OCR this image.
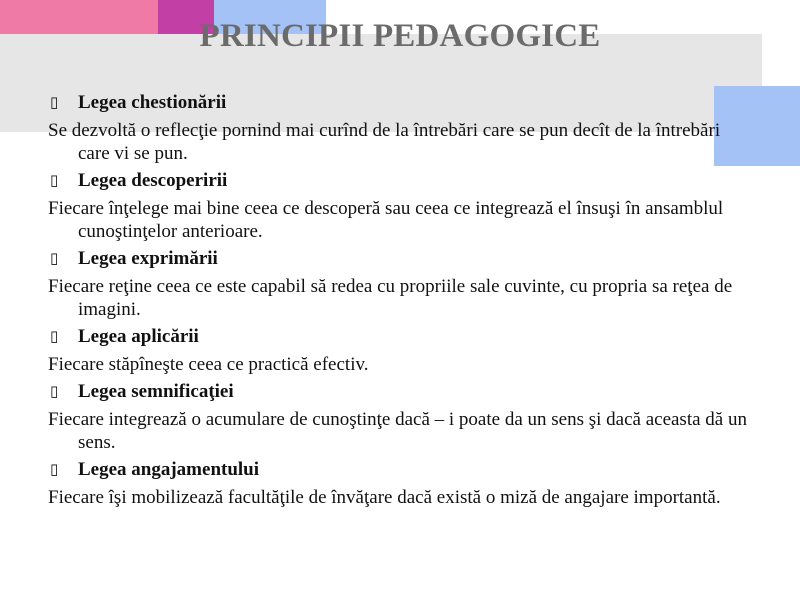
PRINCIPII PEDAGOGICE
▯ Legea chestionării
Se dezvoltă o reflecţie pornind mai curînd de la întrebări care se pun decît de la întrebări care vi se pun.
▯ Legea descoperirii
Fiecare înţelege mai bine ceea ce descoperă sau ceea ce integrează el însuşi în ansamblul cunoştinţelor anterioare.
▯ Legea exprimării
Fiecare reţine ceea ce este capabil să redea cu propriile sale cuvinte, cu propria sa reţea de imagini.
▯ Legea aplicării
Fiecare stăpîneşte ceea ce practică efectiv.
▯ Legea semnificaţiei
Fiecare integrează o acumulare de cunoştinţe dacă – i poate da un sens şi dacă aceasta dă un sens.
▯ Legea angajamentului
Fiecare îşi mobilizează facultăţile de învăţare dacă există o miză de angajare importantă.
